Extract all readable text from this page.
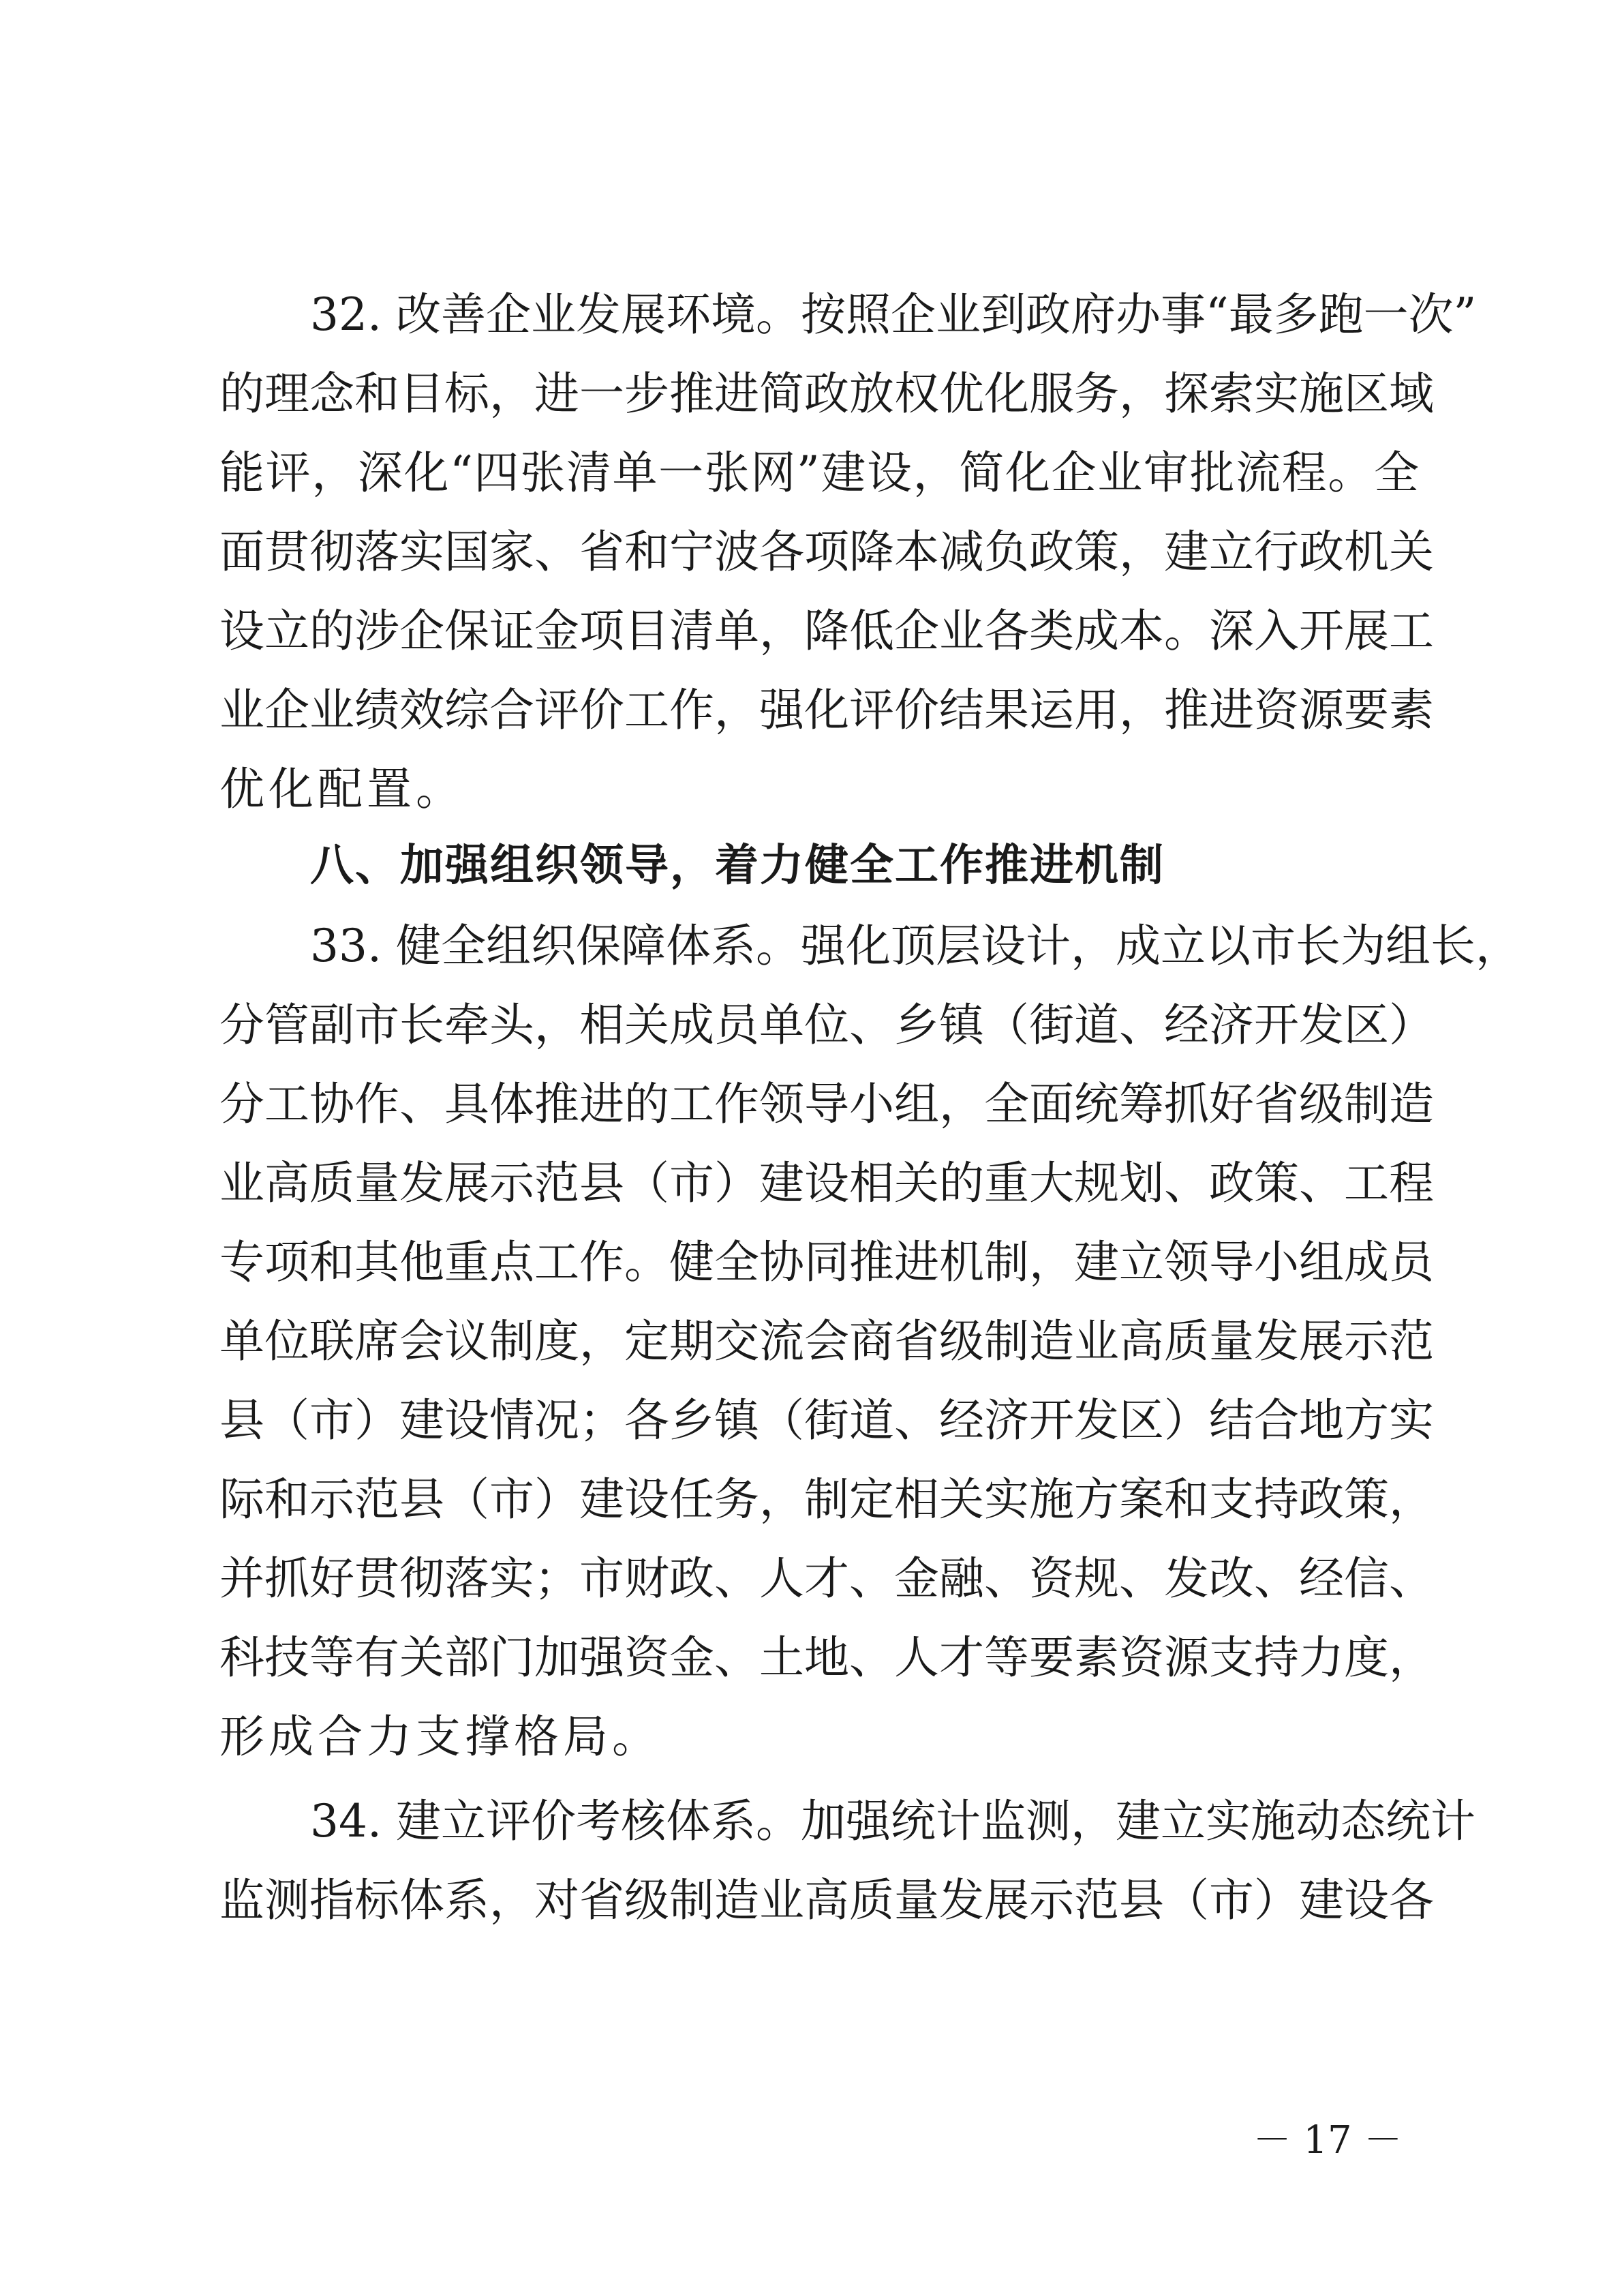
32. 改善企业发展环境。按照企业到政府办事“最多跑一次”
的理念和目标，进一步推进简政放权优化服务，探索实施区域
能评，深化“四张清单一张网”建设，简化企业审批流程。全
面贯彻落实国家、省和宁波各项降本减负政策，建立行政机关
设立的涉企保证金项目清单，降低企业各类成本。深入开展工
业企业绩效综合评价工作，强化评价结果运用，推进资源要素
优化配置。
八、加强组织领导，着力健全工作推进机制
33. 健全组织保障体系。强化顶层设计，成立以市长为组长，
分管副市长牵头，相关成员单位、乡镇（街道、经济开发区）
分工协作、具体推进的工作领导小组，全面统筹抓好省级制造
业高质量发展示范县（市）建设相关的重大规划、政策、工程
专项和其他重点工作。健全协同推进机制，建立领导小组成员
单位联席会议制度，定期交流会商省级制造业高质量发展示范
县（市）建设情况；各乡镇（街道、经济开发区）结合地方实
际和示范县（市）建设任务，制定相关实施方案和支持政策，
并抓好贯彻落实；市财政、人才、金融、资规、发改、经信、
科技等有关部门加强资金、土地、人才等要素资源支持力度，
形成合力支撑格局。
34. 建立评价考核体系。加强统计监测，建立实施动态统计
监测指标体系，对省级制造业高质量发展示范县（市）建设各
－ 17 －
